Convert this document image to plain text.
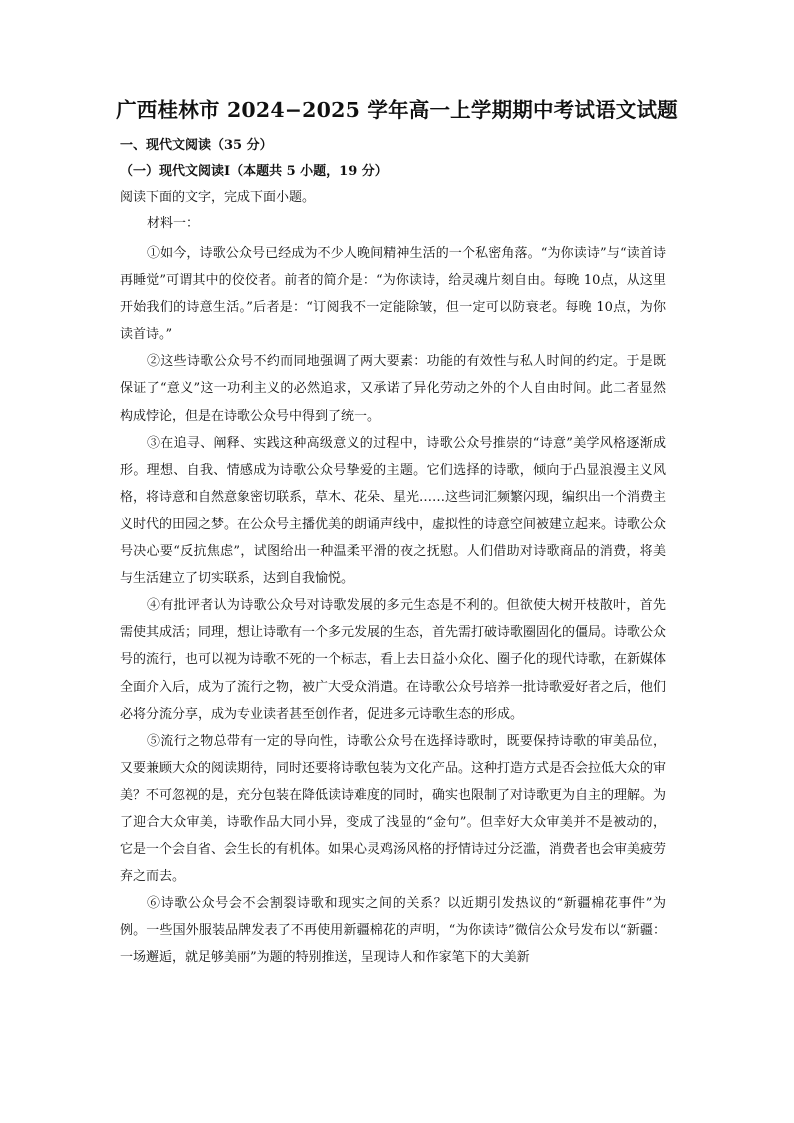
广西桂林市 2024−2025 学年高一上学期期中考试语文试题
一、现代文阅读（35 分）
（一）现代文阅读Ⅰ（本题共 5 小题，19 分）
阅读下面的文字，完成下面小题。
材料一：

①如今，诗歌公众号已经成为不少人晚间精神生活的一个私密角落。“为你读诗”与“读首诗再睡觉”可谓其中的佼佼者。前者的简介是：“为你读诗，给灵魂片刻自由。每晚 10点，从这里开始我们的诗意生活。”后者是：“订阅我不一定能除皱，但一定可以防衰老。每晚 10点，为你读首诗。”

②这些诗歌公众号不约而同地强调了两大要素：功能的有效性与私人时间的约定。于是既保证了“意义”这一功利主义的必然追求，又承诺了异化劳动之外的个人自由时间。此二者显然构成悖论，但是在诗歌公众号中得到了统一。

③在追寻、阐释、实践这种高级意义的过程中，诗歌公众号推崇的“诗意”美学风格逐渐成形。理想、自我、情感成为诗歌公众号挚爱的主题。它们选择的诗歌，倾向于凸显浪漫主义风格，将诗意和自然意象密切联系，草木、花朵、星光……这些词汇频繁闪现，编织出一个消费主义时代的田园之梦。在公众号主播优美的朗诵声线中，虚拟性的诗意空间被建立起来。诗歌公众号决心要“反抗焦虑”，试图给出一种温柔平滑的夜之抚慰。人们借助对诗歌商品的消费，将美与生活建立了切实联系，达到自我愉悦。

④有批评者认为诗歌公众号对诗歌发展的多元生态是不利的。但欲使大树开枝散叶，首先需使其成活；同理，想让诗歌有一个多元发展的生态，首先需打破诗歌圈固化的僵局。诗歌公众号的流行，也可以视为诗歌不死的一个标志，看上去日益小众化、圈子化的现代诗歌，在新媒体全面介入后，成为了流行之物，被广大受众消遣。在诗歌公众号培养一批诗歌爱好者之后，他们必将分流分享，成为专业读者甚至创作者，促进多元诗歌生态的形成。

⑤流行之物总带有一定的导向性，诗歌公众号在选择诗歌时，既要保持诗歌的审美品位，又要兼顾大众的阅读期待，同时还要将诗歌包装为文化产品。这种打造方式是否会拉低大众的审美？不可忽视的是，充分包装在降低读诗难度的同时，确实也限制了对诗歌更为自主的理解。为了迎合大众审美，诗歌作品大同小异，变成了浅显的“金句”。但幸好大众审美并不是被动的，它是一个会自省、会生长的有机体。如果心灵鸡汤风格的抒情诗过分泛滥，消费者也会审美疲劳弃之而去。

⑥诗歌公众号会不会割裂诗歌和现实之间的关系？以近期引发热议的“新疆棉花事件”为例。一些国外服装品牌发表了不再使用新疆棉花的声明，“为你读诗”微信公众号发布以“新疆：一场邂逅，就足够美丽”为题的特别推送，呈现诗人和作家笔下的大美新
